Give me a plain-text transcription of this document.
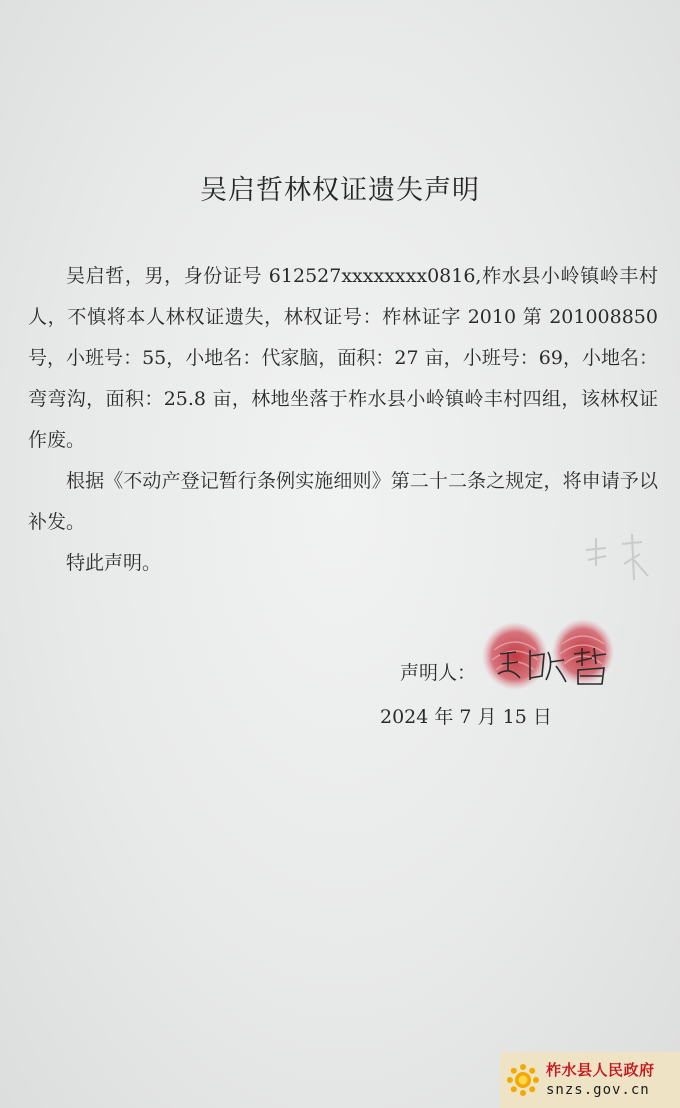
吴启哲林权证遗失声明

吴启哲，男，身份证号 612527xxxxxxxx0816,柞水县小岭镇岭丰村人，不慎将本人林权证遗失，林权证号：柞林证字 2010 第 201008850 号，小班号：55，小地名：代家脑，面积：27 亩，小班号：69，小地名：弯弯沟，面积：25.8 亩，林地坐落于柞水县小岭镇岭丰村四组，该林权证作废。

根据《不动产登记暂行条例实施细则》第二十二条之规定，将申请予以补发。

特此声明。

声明人：
2024 年 7 月 15 日
柞水县人民政府
snzs.gov.cn
